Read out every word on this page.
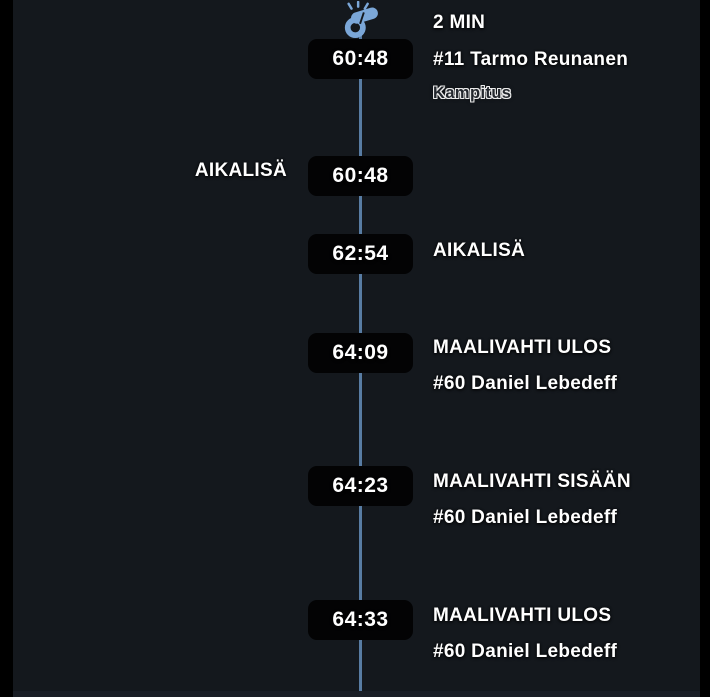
60:48
2 MIN
#11 Tarmo Reunanen
Kampitus
AIKALISÄ 60:48
62:54 AIKALISÄ
64:09 MAALIVAHTI ULOS
#60 Daniel Lebedeff
64:23 MAALIVAHTI SISÄÄN
#60 Daniel Lebedeff
64:33 MAALIVAHTI ULOS
#60 Daniel Lebedeff
